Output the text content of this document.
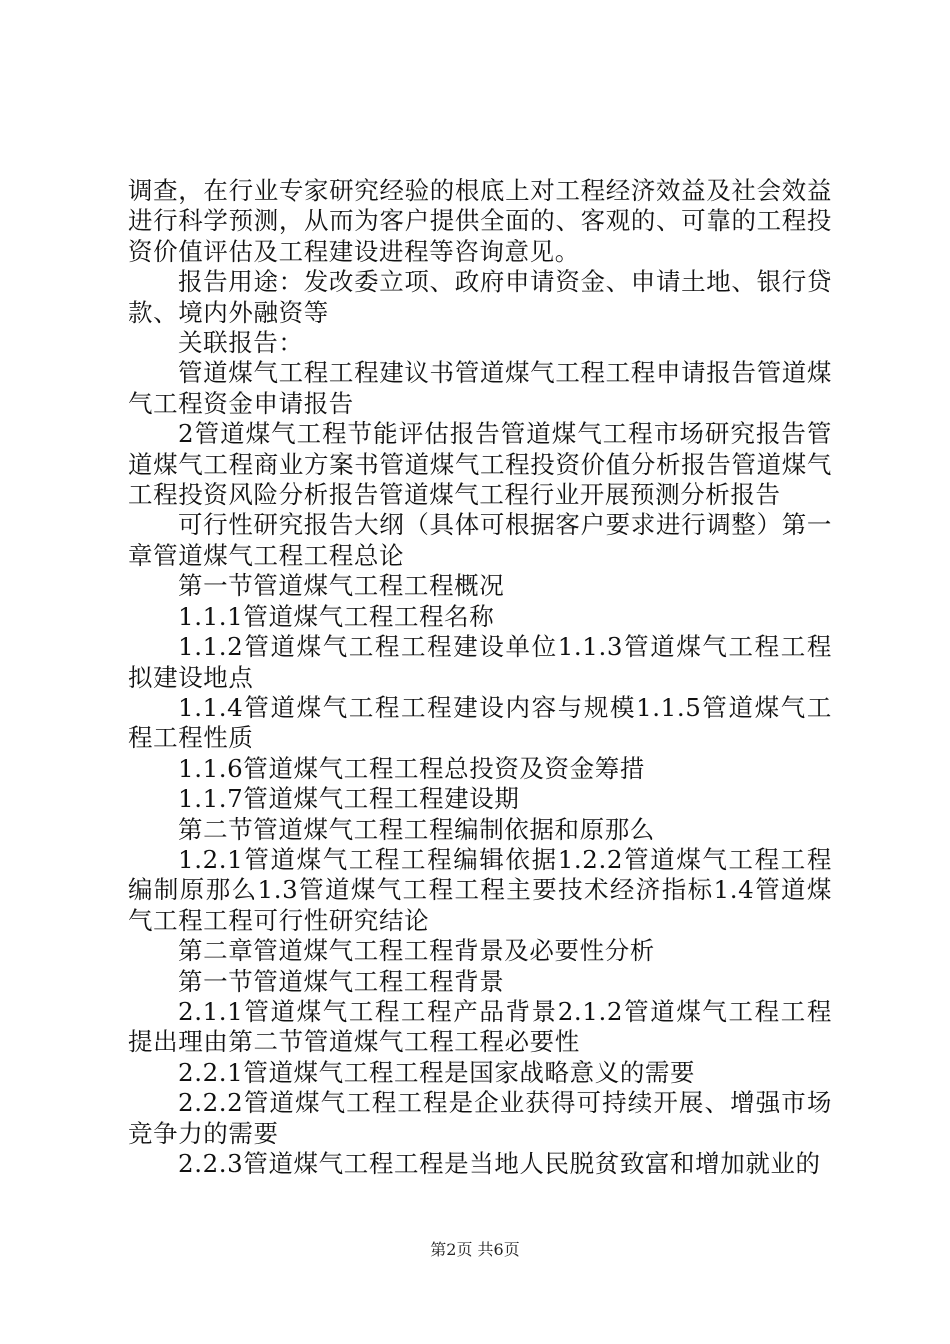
调查，在行业专家研究经验的根底上对工程经济效益及社会效益进行科学预测，从而为客户提供全面的、客观的、可靠的工程投资价值评估及工程建设进程等咨询意见。

报告用途：发改委立项、政府申请资金、申请土地、银行贷款、境内外融资等

关联报告：

管道煤气工程工程建议书管道煤气工程工程申请报告管道煤气工程资金申请报告

2管道煤气工程节能评估报告管道煤气工程市场研究报告管道煤气工程商业方案书管道煤气工程投资价值分析报告管道煤气工程投资风险分析报告管道煤气工程行业开展预测分析报告

可行性研究报告大纲（具体可根据客户要求进行调整）第一章管道煤气工程工程总论

第一节管道煤气工程工程概况

1.1.1管道煤气工程工程名称

1.1.2管道煤气工程工程建设单位1.1.3管道煤气工程工程拟建设地点

1.1.4管道煤气工程工程建设内容与规模1.1.5管道煤气工程工程性质

1.1.6管道煤气工程工程总投资及资金筹措

1.1.7管道煤气工程工程建设期

第二节管道煤气工程工程编制依据和原那么

1.2.1管道煤气工程工程编辑依据1.2.2管道煤气工程工程编制原那么1.3管道煤气工程工程主要技术经济指标1.4管道煤气工程工程可行性研究结论

第二章管道煤气工程工程背景及必要性分析

第一节管道煤气工程工程背景

2.1.1管道煤气工程工程产品背景2.1.2管道煤气工程工程提出理由第二节管道煤气工程工程必要性

2.2.1管道煤气工程工程是国家战略意义的需要

2.2.2管道煤气工程工程是企业获得可持续开展、增强市场竞争力的需要

2.2.3管道煤气工程工程是当地人民脱贫致富和增加就业的

第2页 共6页
